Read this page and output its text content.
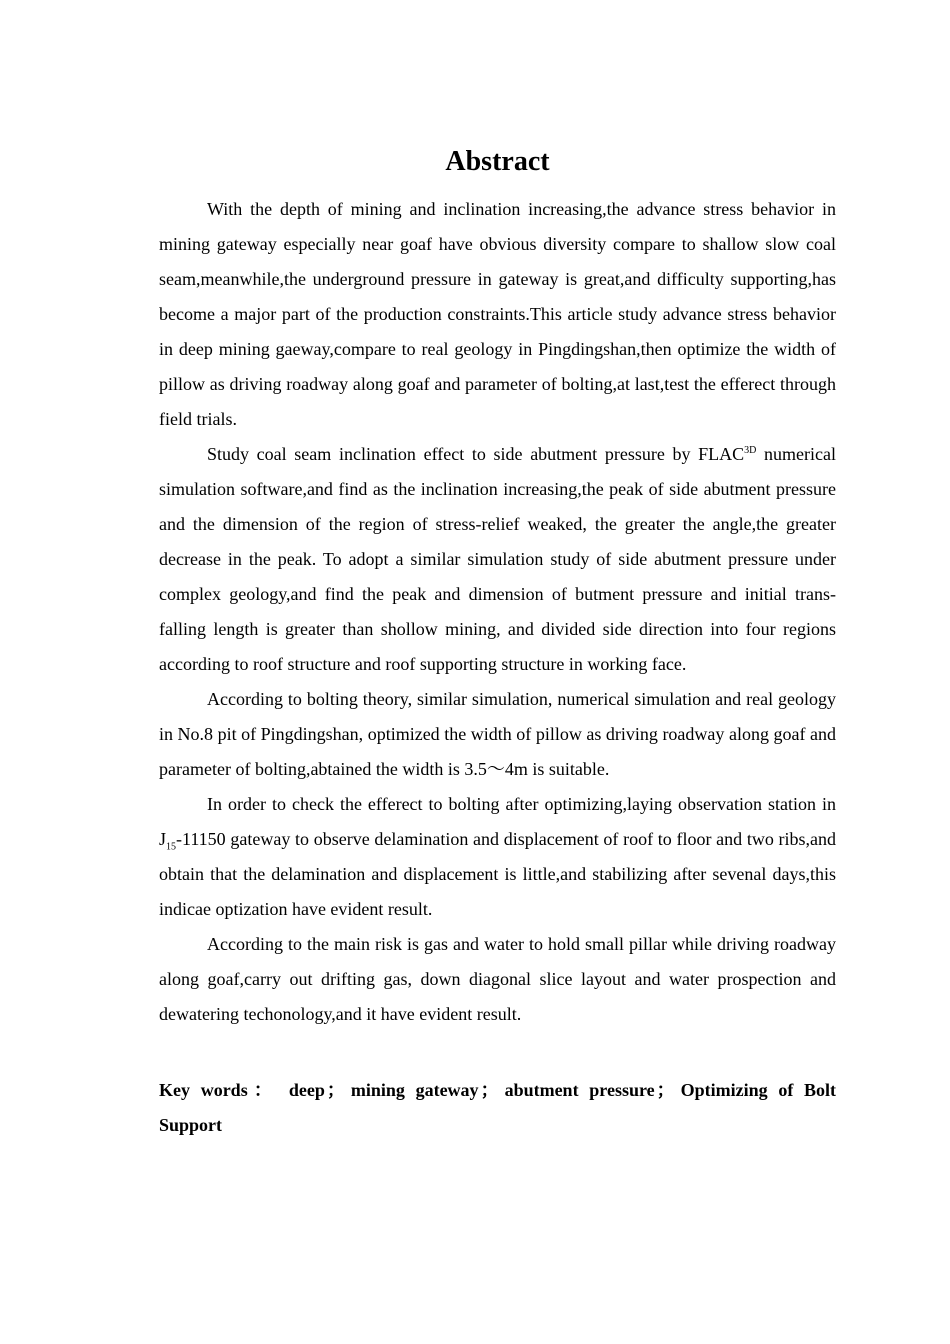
Abstract

With the depth of mining and inclination increasing,the advance stress behavior in mining gateway especially near goaf have obvious diversity compare to shallow slow coal seam,meanwhile,the underground pressure in gateway is great,and difficulty supporting,has become a major part of the production constraints.This article study advance stress behavior in deep mining gaeway,compare to real geology in Pingdingshan,then optimize the width of pillow as driving roadway along goaf and parameter of bolting,at last,test the efferect through field trials.

Study coal seam inclination effect to side abutment pressure by $FLAC^{3D}$ numerical simulation software,and find as the inclination increasing,the peak of side abutment pressure and the dimension of the region of stress-relief weaked, the greater the angle,the greater decrease in the peak. To adopt a similar simulation study of side abutment pressure under complex geology,and find the peak and dimension of butment pressure and initial trans-falling length is greater than shollow mining, and divided side direction into four regions according to roof structure and roof supporting structure in working face.

According to bolting theory, similar simulation, numerical simulation and real geology in No.8 pit of Pingdingshan, optimized the width of pillow as driving roadway along goaf and parameter of bolting,abtained the width is 3.5～4m is suitable.

In order to check the efferect to bolting after optimizing,laying observation station in $J_{15}-11150$ gateway to observe delamination and displacement of roof to floor and two ribs,and obtain that the delamination and displacement is little,and stabilizing after sevenal days,this indicae optization have evident result.

According to the main risk is gas and water to hold small pillar while driving roadway along goaf,carry out drifting gas, down diagonal slice layout and water prospection and dewatering techonology,and it have evident result.

Key words： deep ； mining gateway ； abutment pressure ； Optimizing of Bolt Support
